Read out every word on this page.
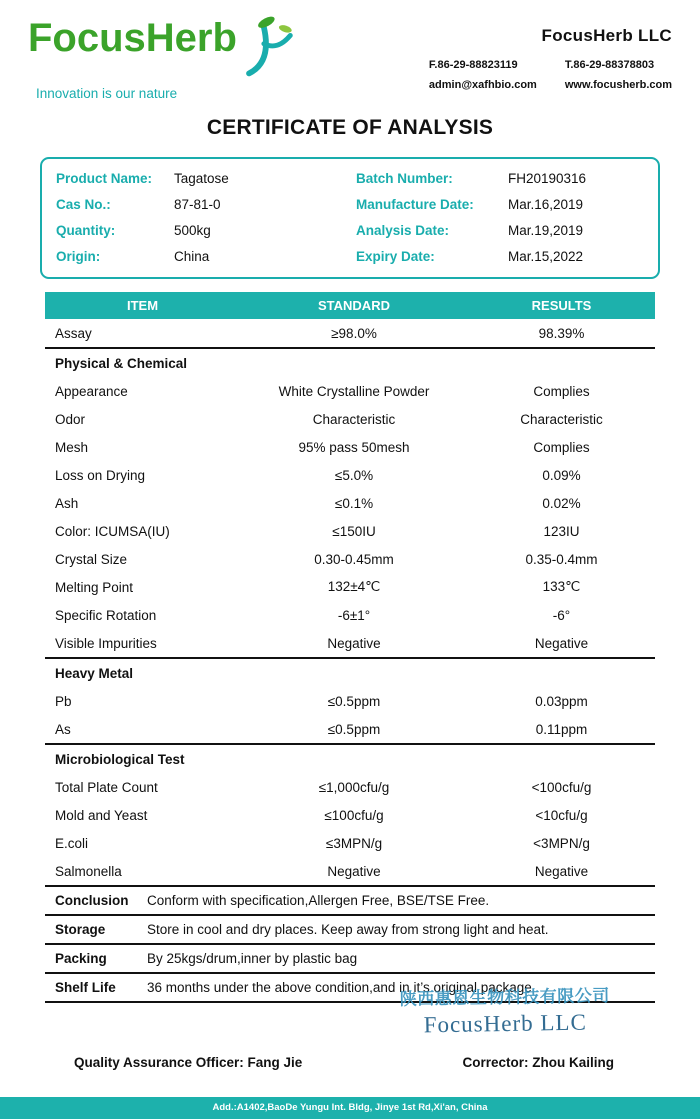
FocusHerb
Innovation is our nature
FocusHerb LLC
F.86-29-88823119	T.86-29-88378803
admin@xafhbio.com	www.focusherb.com
CERTIFICATE OF ANALYSIS
Product Name:	Tagatose	Batch Number:	FH20190316
Cas No.:	87-81-0	Manufacture Date:	Mar.16,2019
Quantity:	500kg	Analysis Date:	Mar.19,2019
Origin:	China	Expiry Date:	Mar.15,2022
ITEM	STANDARD	RESULTS
Assay	≥98.0%	98.39%
Physical & Chemical		
Appearance	White Crystalline Powder	Complies
Odor	Characteristic	Characteristic
Mesh	95% pass 50mesh	Complies
Loss on Drying	≤5.0%	0.09%
Ash	≤0.1%	0.02%
Color: ICUMSA(IU)	≤150IU	123IU
Crystal Size	0.30-0.45mm	0.35-0.4mm
Melting Point	132±4℃	133℃
Specific Rotation	-6±1°	-6°
Visible Impurities	Negative	Negative
Heavy Metal		
Pb	≤0.5ppm	0.03ppm
As	≤0.5ppm	0.11ppm
Microbiological Test		
Total Plate Count	≤1,000cfu/g	<100cfu/g
Mold and Yeast	≤100cfu/g	<10cfu/g
E.coli	≤3MPN/g	<3MPN/g
Salmonella	Negative	Negative
Conclusion	Conform with specification,Allergen Free, BSE/TSE Free.
Storage	Store in cool and dry places. Keep away from strong light and heat.
Packing	By 25kgs/drum,inner by plastic bag
Shelf Life	36 months under the above condition,and in it’s original package
Quality Assurance Officer: Fang Jie	Corrector: Zhou Kailing
陕西惠恩生物科技有限公司
FocusHerb LLC
Add.:A1402,BaoDe Yungu Int. Bldg, Jinye 1st Rd,Xi'an, China
